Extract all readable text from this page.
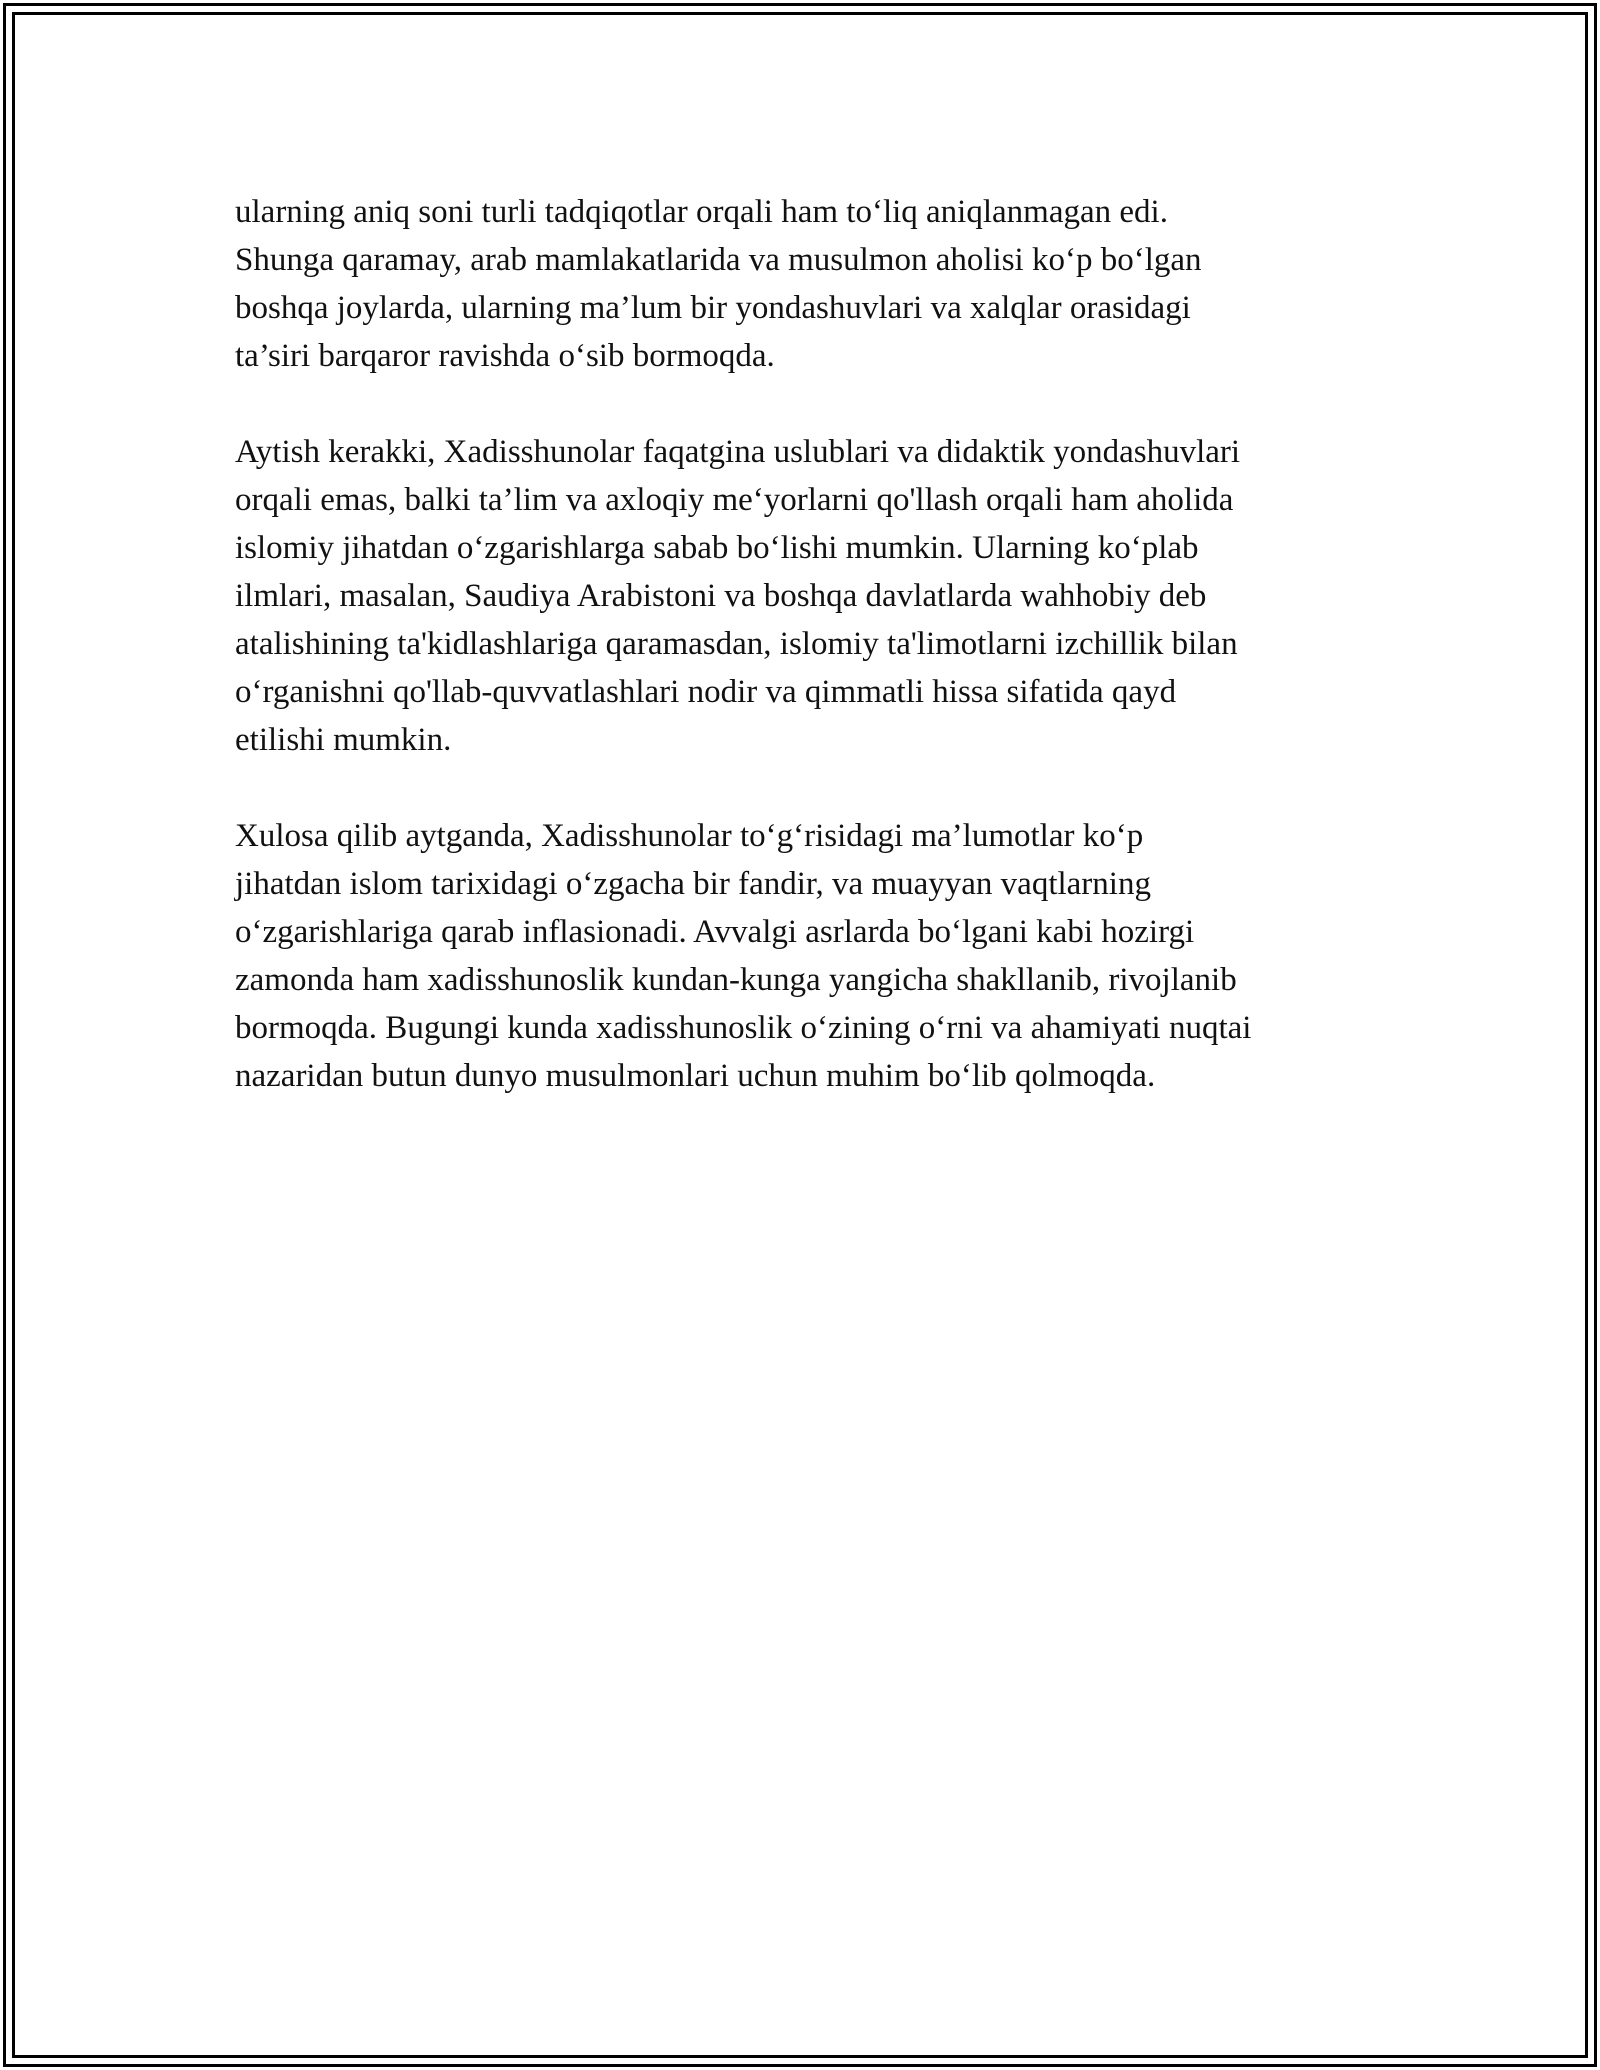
ularning aniq soni turli tadqiqotlar orqali ham to‘liq aniqlanmagan edi.
Shunga qaramay, arab mamlakatlarida va musulmon aholisi ko‘p bo‘lgan
boshqa joylarda, ularning ma’lum bir yondashuvlari va xalqlar orasidagi
ta’siri barqaror ravishda o‘sib bormoqda.

Aytish kerakki, Xadisshunolar faqatgina uslublari va didaktik yondashuvlari
orqali emas, balki ta’lim va axloqiy me‘yorlarni qo'llash orqali ham aholida
islomiy jihatdan o‘zgarishlarga sabab bo‘lishi mumkin. Ularning ko‘plab
ilmlari, masalan, Saudiya Arabistoni va boshqa davlatlarda wahhobiy deb
atalishining ta'kidlashlariga qaramasdan, islomiy ta'limotlarni izchillik bilan
o‘rganishni qo'llab-quvvatlashlari nodir va qimmatli hissa sifatida qayd
etilishi mumkin.

Xulosa qilib aytganda, Xadisshunolar to‘g‘risidagi ma’lumotlar ko‘p
jihatdan islom tarixidagi o‘zgacha bir fandir, va muayyan vaqtlarning
o‘zgarishlariga qarab inflasionadi. Avvalgi asrlarda bo‘lgani kabi hozirgi
zamonda ham xadisshunoslik kundan-kunga yangicha shakllanib, rivojlanib
bormoqda. Bugungi kunda xadisshunoslik o‘zining o‘rni va ahamiyati nuqtai
nazaridan butun dunyo musulmonlari uchun muhim bo‘lib qolmoqda.
